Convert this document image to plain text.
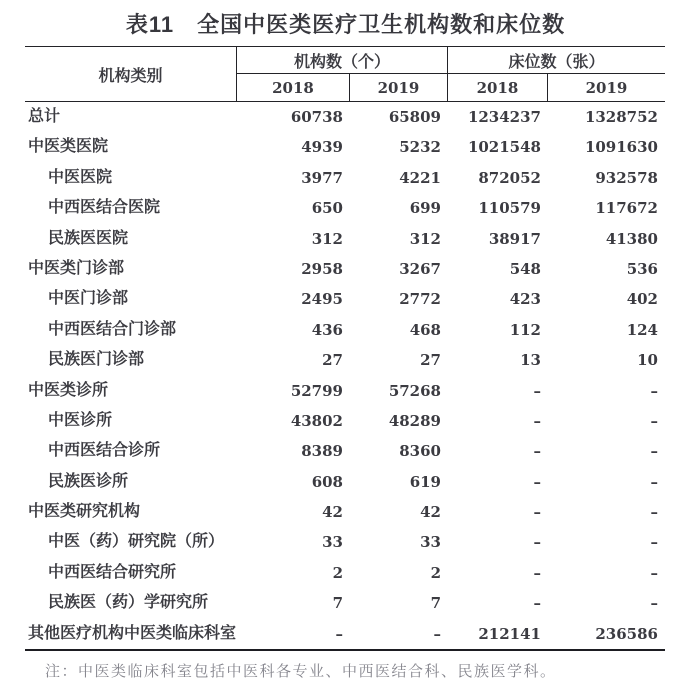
表11　全国中医类医疗卫生机构数和床位数
机构类别
机构数（个）	床位数（张）
2018	2019	2018	2019
总计	60738	65809	1234237	1328752
中医类医院	4939	5232	1021548	1091630
中医医院	3977	4221	872052	932578
中西医结合医院	650	699	110579	117672
民族医医院	312	312	38917	41380
中医类门诊部	2958	3267	548	536
中医门诊部	2495	2772	423	402
中西医结合门诊部	436	468	112	124
民族医门诊部	27	27	13	10
中医类诊所	52799	57268	–	–
中医诊所	43802	48289	–	–
中西医结合诊所	8389	8360	–	–
民族医诊所	608	619	–	–
中医类研究机构	42	42	–	–
中医（药）研究院（所）	33	33	–	–
中西医结合研究所	2	2	–	–
民族医（药）学研究所	7	7	–	–
其他医疗机构中医类临床科室	–	–	212141	236586
注：中医类临床科室包括中医科各专业、中西医结合科、民族医学科。
